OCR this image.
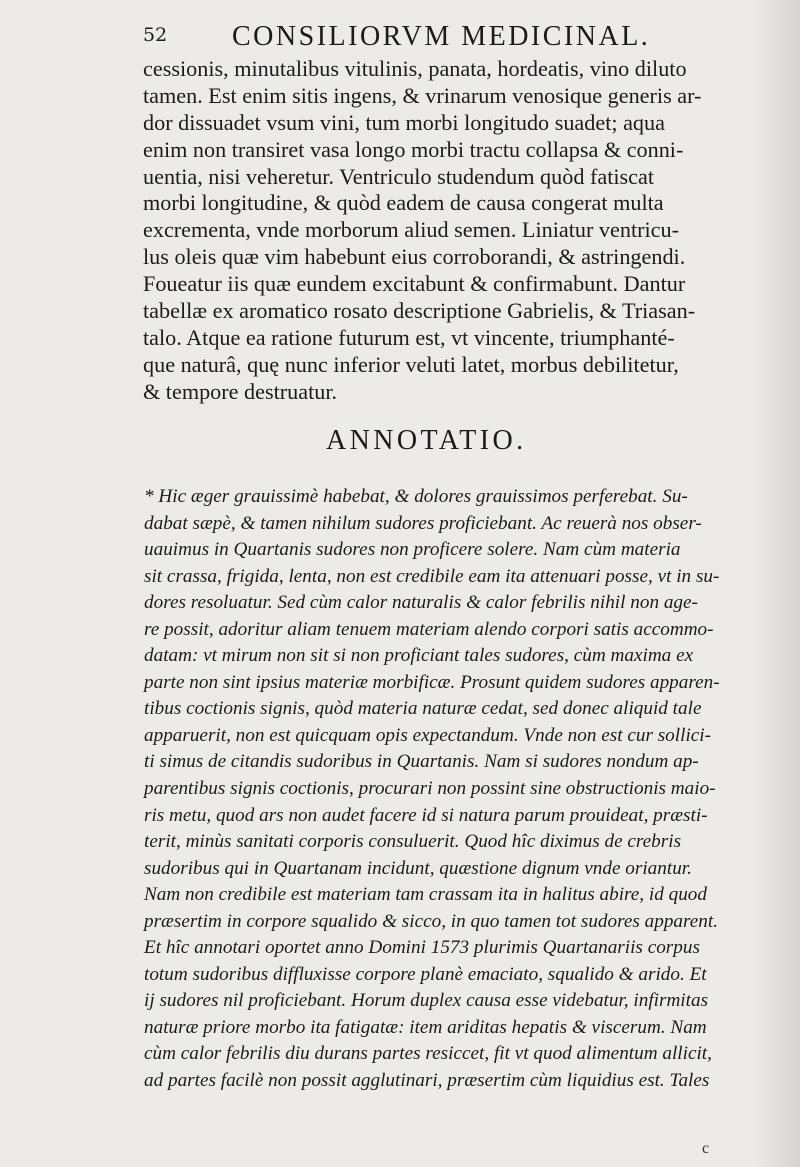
52 CONSILIORVM MEDICINAL.
cessionis, minutalibus vitulinis, panata, hordeatis, vino diluto
tamen. Est enim sitis ingens, & vrinarum venosique generis ar-
dor dissuadet vsum vini, tum morbi longitudo suadet; aqua
enim non transiret vasa longo morbi tractu collapsa & conni-
uentia, nisi veheretur. Ventriculo studendum quòd fatiscat
morbi longitudine, & quòd eadem de causa congerat multa
excrementa, vnde morborum aliud semen. Liniatur ventricu-
lus oleis quæ vim habebunt eius corroborandi, & astringendi.
Foueatur iis quæ eundem excitabunt & confirmabunt. Dantur
tabellæ ex aromatico rosato descriptione Gabrielis, & Triasan-
talo. Atque ea ratione futurum est, vt vincente, triumphanté-
que naturâ, quę nunc inferior veluti latet, morbus debilitetur,
& tempore destruatur.
ANNOTATIO.
* Hic æger grauissimè habebat, & dolores grauissimos perferebat. Su-
dabat sæpè, & tamen nihilum sudores proficiebant. Ac reuerà nos obser-
uauimus in Quartanis sudores non proficere solere. Nam cùm materia
sit crassa, frigida, lenta, non est credibile eam ita attenuari posse, vt in su-
dores resoluatur. Sed cùm calor naturalis & calor febrilis nihil non age-
re possit, adoritur aliam tenuem materiam alendo corpori satis accommo-
datam: vt mirum non sit si non proficiant tales sudores, cùm maxima ex
parte non sint ipsius materiæ morbificæ. Prosunt quidem sudores apparen-
tibus coctionis signis, quòd materia naturæ cedat, sed donec aliquid tale
apparuerit, non est quicquam opis expectandum. Vnde non est cur sollici-
ti simus de citandis sudoribus in Quartanis. Nam si sudores nondum ap-
parentibus signis coctionis, procurari non possint sine obstructionis maio-
ris metu, quod ars non audet facere id si natura parum prouideat, præsti-
terit, minùs sanitati corporis consuluerit. Quod hîc diximus de crebris
sudoribus qui in Quartanam incidunt, quæstione dignum vnde oriantur.
Nam non credibile est materiam tam crassam ita in halitus abire, id quod
præsertim in corpore squalido & sicco, in quo tamen tot sudores apparent.
Et hîc annotari oportet anno Domini 1573 plurimis Quartanariis corpus
totum sudoribus diffluxisse corpore planè emaciato, squalido & arido. Et
ij sudores nil proficiebant. Horum duplex causa esse videbatur, infirmitas
naturæ priore morbo ita fatigatæ: item ariditas hepatis & viscerum. Nam
cùm calor febrilis diu durans partes resiccet, fit vt quod alimentum allicit,
ad partes facilè non possit agglutinari, præsertim cùm liquidius est. Tales
c
